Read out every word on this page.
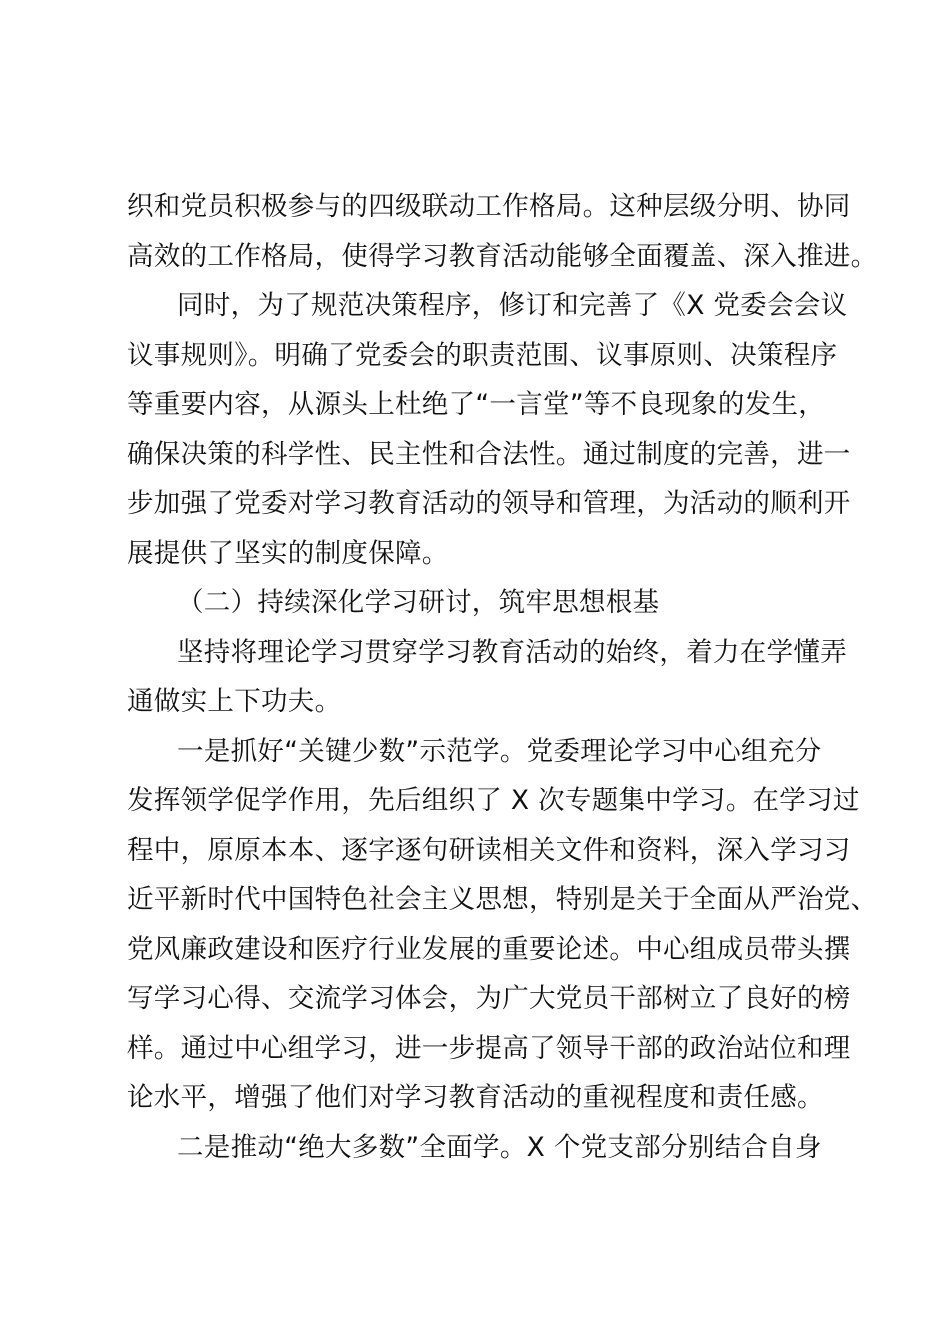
织和党员积极参与的四级联动工作格局。这种层级分明、协同
高效的工作格局，使得学习教育活动能够全面覆盖、深入推进。
同时，为了规范决策程序，修订和完善了《X 党委会会议
议事规则》。明确了党委会的职责范围、议事原则、决策程序
等重要内容，从源头上杜绝了“一言堂”等不良现象的发生，
确保决策的科学性、民主性和合法性。通过制度的完善，进一
步加强了党委对学习教育活动的领导和管理，为活动的顺利开
展提供了坚实的制度保障。
（二）持续深化学习研讨，筑牢思想根基
坚持将理论学习贯穿学习教育活动的始终，着力在学懂弄
通做实上下功夫。
一是抓好“关键少数”示范学。党委理论学习中心组充分
发挥领学促学作用，先后组织了 X 次专题集中学习。在学习过
程中，原原本本、逐字逐句研读相关文件和资料，深入学习习
近平新时代中国特色社会主义思想，特别是关于全面从严治党、
党风廉政建设和医疗行业发展的重要论述。中心组成员带头撰
写学习心得、交流学习体会，为广大党员干部树立了良好的榜
样。通过中心组学习，进一步提高了领导干部的政治站位和理
论水平，增强了他们对学习教育活动的重视程度和责任感。
二是推动“绝大多数”全面学。X 个党支部分别结合自身
